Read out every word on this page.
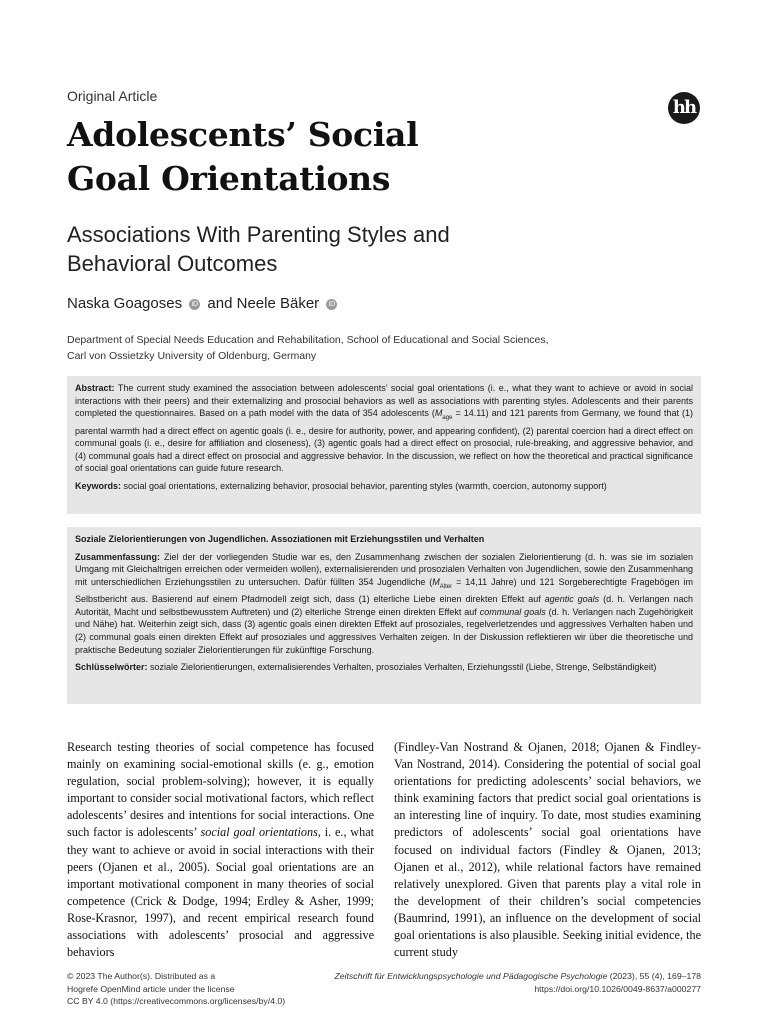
Original Article
hh
Adolescents’ Social
Goal Orientations
Associations With Parenting Styles and
Behavioral Outcomes
Naska Goagoses iD and Neele Bäker iD
Department of Special Needs Education and Rehabilitation, School of Educational and Social Sciences,
Carl von Ossietzky University of Oldenburg, Germany

Abstract: The current study examined the association between adolescents’ social goal orientations (i. e., what they want to achieve or avoid in social interactions with their peers) and their externalizing and prosocial behaviors as well as associations with parenting styles. Adolescents and their parents completed the questionnaires. Based on a path model with the data of 354 adolescents $(M_{age} = 14.11)$ and 121 parents from Germany, we found that (1) parental warmth had a direct effect on agentic goals (i. e., desire for authority, power, and appearing confident), (2) parental coercion had a direct effect on communal goals (i. e., desire for affiliation and closeness), (3) agentic goals had a direct effect on prosocial, rule-breaking, and aggressive behavior, and (4) communal goals had a direct effect on prosocial and aggressive behavior. In the discussion, we reflect on how the theoretical and practical significance of social goal orientations can guide future research.

Keywords: social goal orientations, externalizing behavior, prosocial behavior, parenting styles (warmth, coercion, autonomy support)

Soziale Zielorientierungen von Jugendlichen. Assoziationen mit Erziehungsstilen und Verhalten

Zusammenfassung: Ziel der der vorliegenden Studie war es, den Zusammenhang zwischen der sozialen Zielorientierung (d. h. was sie im sozialen Umgang mit Gleichaltrigen erreichen oder vermeiden wollen), externalisierenden und prosozialen Verhalten von Jugendlichen, sowie den Zusammenhang mit unterschiedlichen Erziehungsstilen zu untersuchen. Dafür füllten 354 Jugendliche ($M_{Alter} = 14,11$ Jahre) und 121 Sorgeberechtigte Fragebögen im Selbstbericht aus. Basierend auf einem Pfadmodell zeigt sich, dass (1) elterliche Liebe einen direkten Effekt auf agentic goals (d. h. Verlangen nach Autorität, Macht und selbstbewusstem Auftreten) und (2) elterliche Strenge einen direkten Effekt auf communal goals (d. h. Verlangen nach Zugehörigkeit und Nähe) hat. Weiterhin zeigt sich, dass (3) agentic goals einen direkten Effekt auf prosoziales, regelverletzendes und aggressives Verhalten haben und (2) communal goals einen direkten Effekt auf prosoziales und aggressives Verhalten zeigen. In der Diskussion reflektieren wir über die theoretische und praktische Bedeutung sozialer Zielorientierungen für zukünftige Forschung.

Schlüsselwörter: soziale Zielorientierungen, externalisierendes Verhalten, prosoziales Verhalten, Erziehungsstil (Liebe, Strenge, Selbständigkeit)

Research testing theories of social competence has focused mainly on examining social-emotional skills (e. g., emotion regulation, social problem-solving); however, it is equally important to consider social motivational factors, which reflect adolescents’ desires and intentions for social interactions. One such factor is adolescents’ social goal orientations, i. e., what they want to achieve or avoid in social interactions with their peers (Ojanen et al., 2005). Social goal orientations are an important motivational component in many theories of social competence (Crick & Dodge, 1994; Erdley & Asher, 1999; Rose-Krasnor, 1997), and recent empirical research found associations with adolescents’ prosocial and aggressive behaviors
(Findley-Van Nostrand & Ojanen, 2018; Ojanen & Findley-Van Nostrand, 2014). Considering the potential of social goal orientations for predicting adolescents’ social behaviors, we think examining factors that predict social goal orientations is an interesting line of inquiry. To date, most studies examining predictors of adolescents’ social goal orientations have focused on individual factors (Findley & Ojanen, 2013; Ojanen et al., 2012), while relational factors have remained relatively unexplored. Given that parents play a vital role in the development of their children’s social competencies (Baumrind, 1991), an influence on the development of social goal orientations is also plausible. Seeking initial evidence, the current study
© 2023 The Author(s). Distributed as a
Hogrefe OpenMind article under the license
CC BY 4.0 (https://creativecommons.org/licenses/by/4.0)
Zeitschrift für Entwicklungspsychologie und Pädagogische Psychologie (2023), 55 (4), 169–178
https://doi.org/10.1026/0049-8637/a000277
